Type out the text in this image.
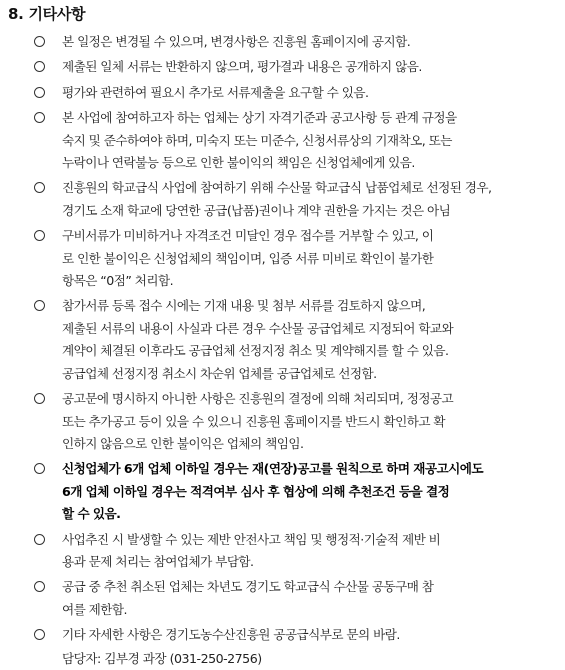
8. 기타사항
본 일정은 변경될 수 있으며, 변경사항은 진흥원 홈페이지에 공지함.
제출된 일체 서류는 반환하지 않으며, 평가결과 내용은 공개하지 않음.
평가와 관련하여 필요시 추가로 서류제출을 요구할 수 있음.
본 사업에 참여하고자 하는 업체는 상기 자격기준과 공고사항 등 관계 규정을
숙지 및 준수하여야 하며, 미숙지 또는 미준수, 신청서류상의 기재착오, 또는
누락이나 연락불능 등으로 인한 불이익의 책임은 신청업체에게 있음.
진흥원의 학교급식 사업에 참여하기 위해 수산물 학교급식 납품업체로 선정된 경우,
경기도 소재 학교에 당연한 공급(납품)권이나 계약 권한을 가지는 것은 아님
구비서류가 미비하거나 자격조건 미달인 경우 접수를 거부할 수 있고, 이
로 인한 불이익은 신청업체의 책임이며, 입증 서류 미비로 확인이 불가한
항목은 “0점” 처리함.
참가서류 등록 접수 시에는 기재 내용 및 첨부 서류를 검토하지 않으며,
제출된 서류의 내용이 사실과 다른 경우 수산물 공급업체로 지정되어 학교와
계약이 체결된 이후라도 공급업체 선정지정 취소 및 계약해지를 할 수 있음.
공급업체 선정지정 취소시 차순위 업체를 공급업체로 선정함.
공고문에 명시하지 아니한 사항은 진흥원의 결정에 의해 처리되며, 정정공고
또는 추가공고 등이 있을 수 있으니 진흥원 홈페이지를 반드시 확인하고 확
인하지 않음으로 인한 불이익은 업체의 책임임.
신청업체가 6개 업체 이하일 경우는 재(연장)공고를 원칙으로 하며 재공고시에도
6개 업체 이하일 경우는 적격여부 심사 후 협상에 의해 추천조건 등을 결정
할 수 있음.
사업추진 시 발생할 수 있는 제반 안전사고 책임 및 행정적·기술적 제반 비
용과 문제 처리는 참여업체가 부담함.
공급 중 추천 취소된 업체는 차년도 경기도 학교급식 수산물 공동구매 참
여를 제한함.
기타 자세한 사항은 경기도농수산진흥원 공공급식부로 문의 바람.
담당자: 김부경 과장 (031-250-2756)
